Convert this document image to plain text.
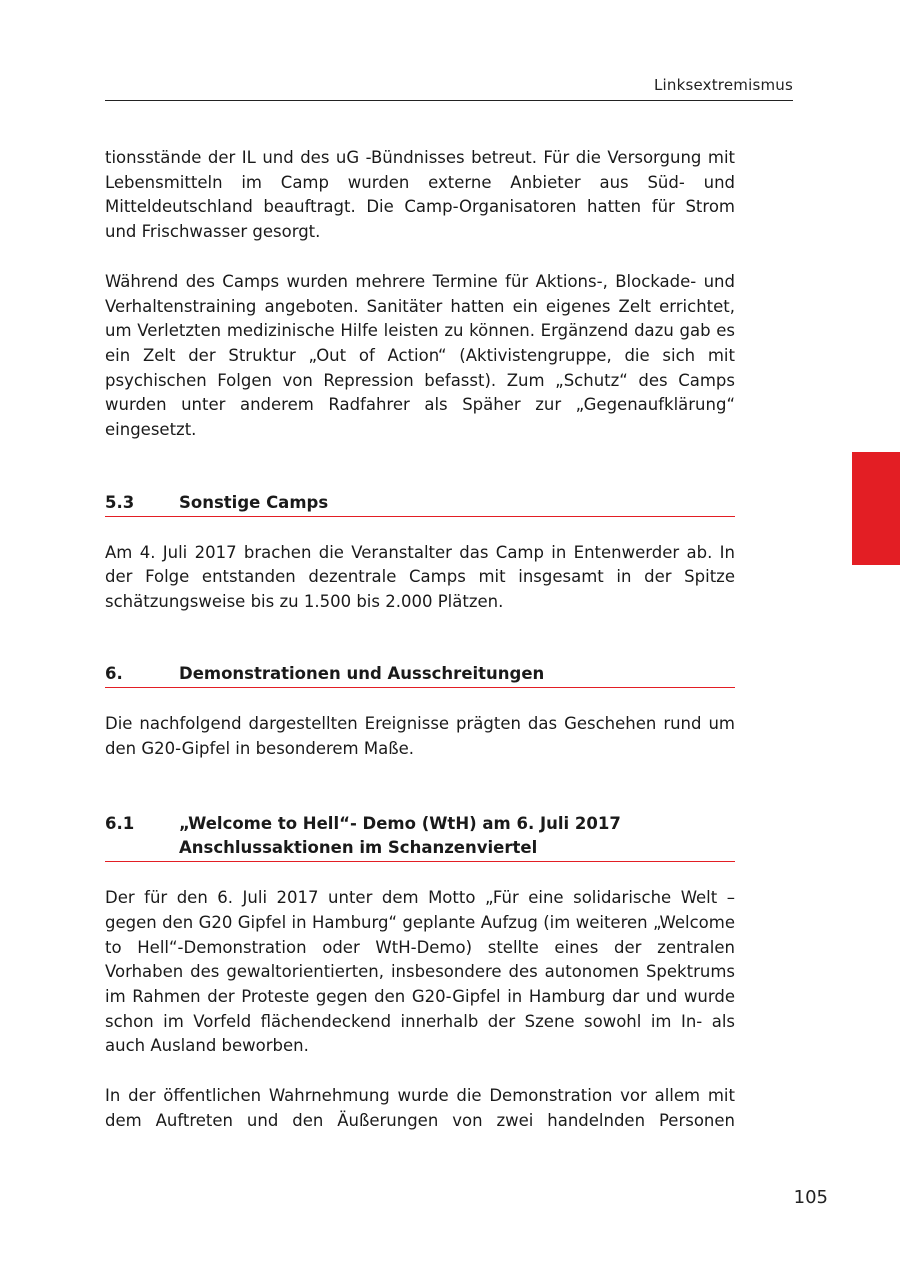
Linksextremismus

tionsstände der IL und des uG -Bündnisses betreut. Für die Versorgung mit Lebensmitteln im Camp wurden externe Anbieter aus Süd- und Mitteldeutschland beauftragt. Die Camp-Organisatoren hatten für Strom und Frischwasser gesorgt.

Während des Camps wurden mehrere Termine für Aktions-, Blockade- und Verhaltenstraining angeboten. Sanitäter hatten ein eigenes Zelt errichtet, um Verletzten medizinische Hilfe leisten zu können. Ergänzend dazu gab es ein Zelt der Struktur „Out of Action“ (Aktivistengruppe, die sich mit psychischen Folgen von Repression befasst). Zum „Schutz“ des Camps wurden unter anderem Radfahrer als Späher zur „Gegenaufklärung“ eingesetzt.

5.3	Sonstige Camps

Am 4. Juli 2017 brachen die Veranstalter das Camp in Entenwerder ab. In der Folge entstanden dezentrale Camps mit insgesamt in der Spitze schätzungsweise bis zu 1.500 bis 2.000 Plätzen.

6.	Demonstrationen und Ausschreitungen

Die nachfolgend dargestellten Ereignisse prägten das Geschehen rund um den G20-Gipfel in besonderem Maße.

6.1	„Welcome to Hell“- Demo (WtH) am 6. Juli 2017
Anschlussaktionen im Schanzenviertel

Der für den 6. Juli 2017 unter dem Motto „Für eine solidarische Welt – gegen den G20 Gipfel in Hamburg“ geplante Aufzug (im weiteren „Welcome to Hell“-Demonstration oder WtH-Demo) stellte eines der zentralen Vorhaben des gewaltorientierten, insbesondere des autonomen Spektrums im Rahmen der Proteste gegen den G20-Gipfel in Hamburg dar und wurde schon im Vorfeld flächendeckend innerhalb der Szene sowohl im In- als auch Ausland beworben.

In der öffentlichen Wahrnehmung wurde die Demonstration vor allem mit dem Auftreten und den Äußerungen von zwei handelnden Personen

105
